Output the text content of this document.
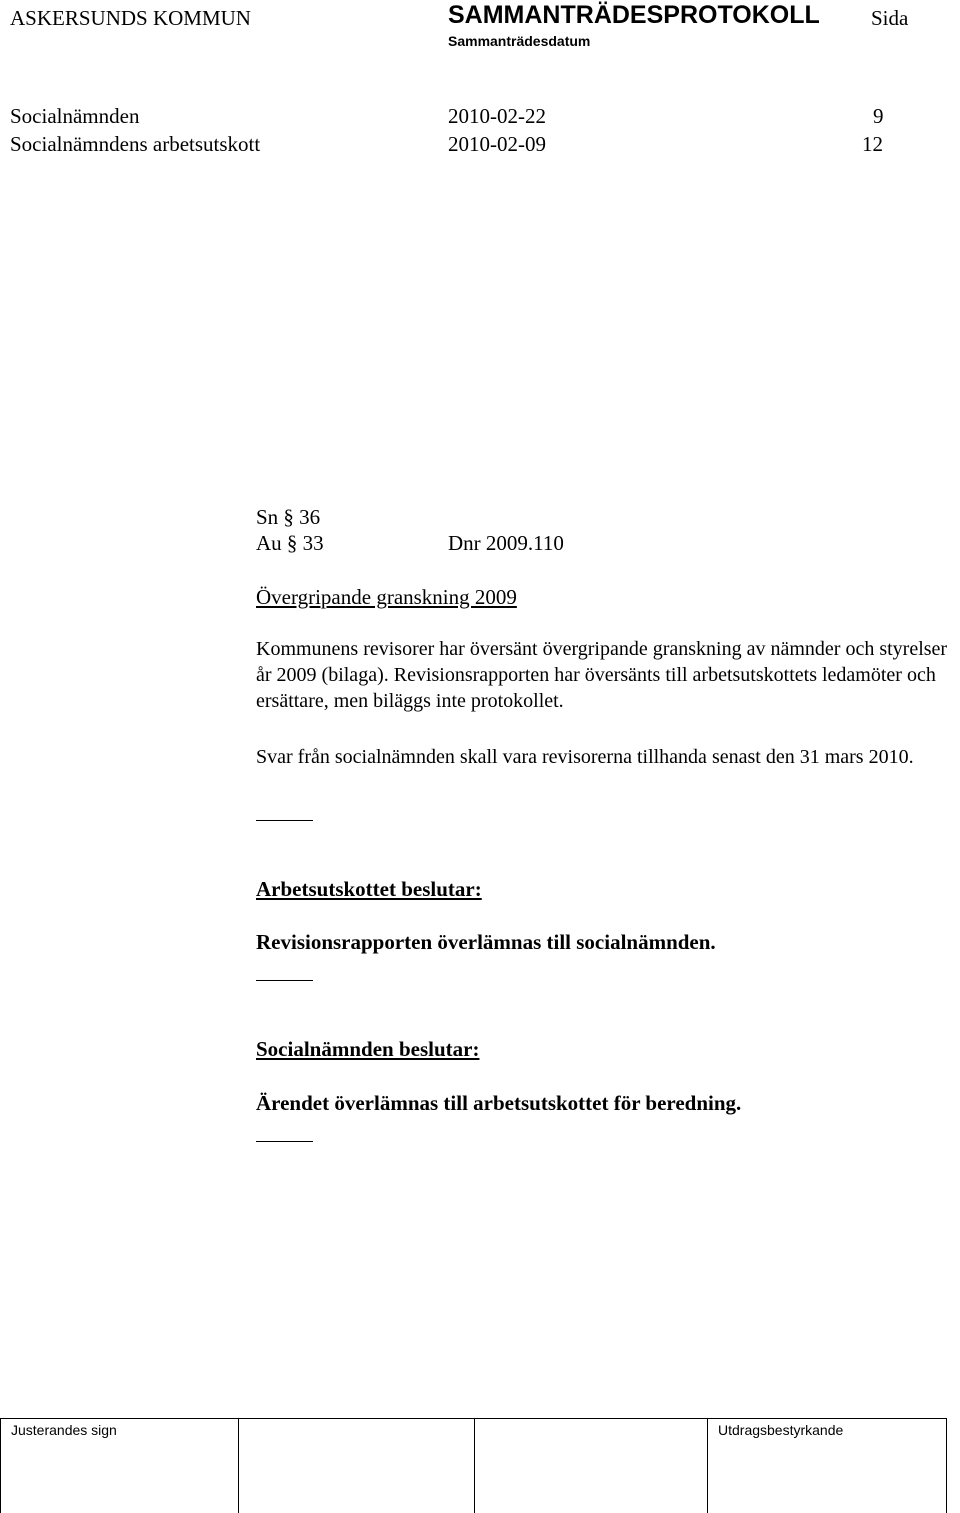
ASKERSUNDS KOMMUN	SAMMANTRÄDESPROTOKOLL Sida
Sammanträdesdatum
Socialnämnden	2010-02-22	9
Socialnämndens arbetsutskott	2010-02-09	12
Sn § 36
Au § 33	Dnr 2009.110
Övergripande granskning 2009
Kommunens revisorer har översänt övergripande granskning av nämnder och styrelser år 2009 (bilaga). Revisionsrapporten har översänts till arbetsutskottets ledamöter och ersättare, men biläggs inte protokollet.
Svar från socialnämnden skall vara revisorerna tillhanda senast den 31 mars 2010.
Arbetsutskottet beslutar:
Revisionsrapporten överlämnas till socialnämnden.
Socialnämnden beslutar:
Ärendet överlämnas till arbetsutskottet för beredning.
Justerandes sign	Utdragsbestyrkande
